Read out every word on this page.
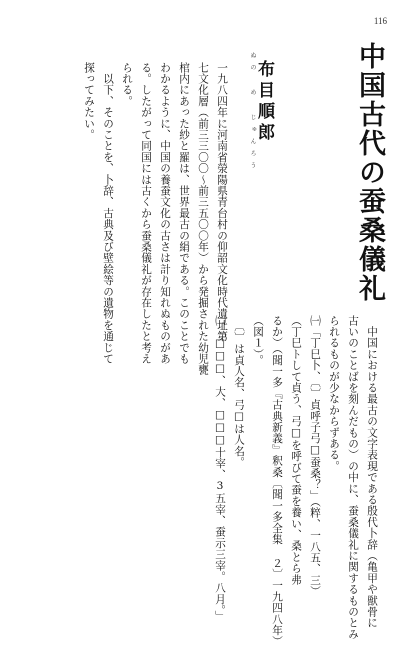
116
中国古代の蚕桑儀礼
ぬの め じゅんろう
布目順郎
一九八四年に河南省滎陽県青台村の仰韶文化時代遺址第
七文化層（前三三〇〇〜前三五〇〇年）から発掘された幼児甕
棺内にあった紗と羅は、世界最古の絹である。このことでも
わかるように、中国の養蚕文化の古さは計り知れぬものがあ
る。したがって同国には古くから蚕桑儀礼が存在したと考え
られる。
　以下、そのことを、卜辞、古典及び壁絵等の遺物を通じて
探ってみたい。
　中国における最古の文字表現である殷代卜辞（亀甲や獣骨に
古いのことばを刻んだもの）の中に、蚕桑儀礼に関するものとみ
られるものが少なからずある。
㈠「丁巳卜、〔〕貞呼子弓□蚕桑？」（粹、一八五、三）
（丁巳トして貞う、弓□を呼びて蚕を養い、桑とら弗
るか）（聞一多『古典新義』釈桑〔聞一多全集 ２〕一九四八年）
（図１）。
　〔〕は貞人名、弓□は人名。
㈡「□□□、大、□□□十宰、3五宰、蚕示三宰。八月。」
